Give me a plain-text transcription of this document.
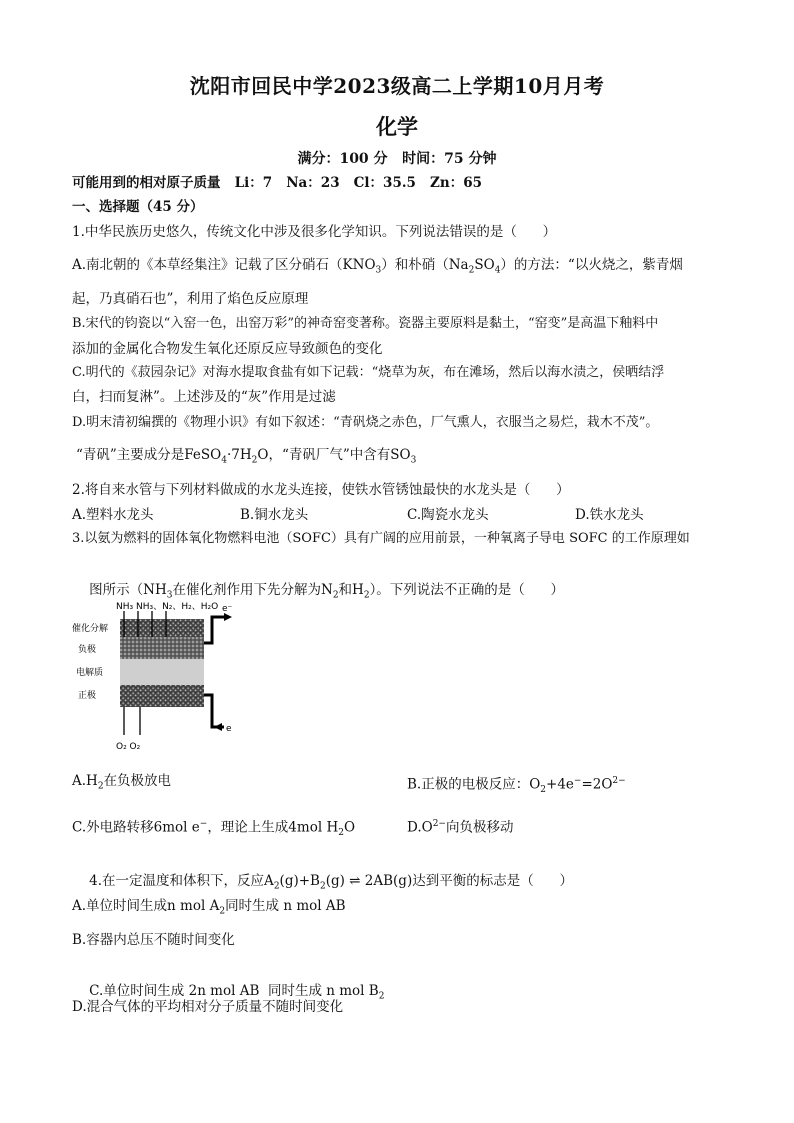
沈阳市回民中学2023级高二上学期10月月考
化学
满分：100 分   时间：75 分钟
可能用到的相对原子质量   Li：7   Na：23   Cl：35.5   Zn：65
一、选择题（45 分）
1.中华民族历史悠久，传统文化中涉及很多化学知识。下列说法错误的是（      ）
A.南北朝的《本草经集注》记载了区分硝石$(KNO_3)$和朴硝$(Na_2SO_4)$的方法：“以火烧之，紫青烟
起，乃真硝石也”，利用了焰色反应原理
B.宋代的钧瓷以“入窑一色，出窑万彩”的神奇窑变著称。瓷器主要原料是黏土，“窑变”是高温下釉料中
添加的金属化合物发生氧化还原反应导致颜色的变化
C.明代的《菽园杂记》对海水提取食盐有如下记载：“烧草为灰，布在滩场，然后以海水渍之，侯晒结浮
白，扫而复淋”。上述涉及的“灰”作用是过滤
D.明末清初编撰的《物理小识》有如下叙述：“青矾烧之赤色，厂气熏人，衣服当之易烂，栽木不茂”。
“青矾”主要成分是$FeSO_4\cdot 7H_2O$，“青矾厂气”中含有$SO_3$
2.将自来水管与下列材料做成的水龙头连接，使铁水管锈蚀最快的水龙头是（      ）
A.塑料水龙头	B.铜水龙头	C.陶瓷水龙头	D.铁水龙头
3.以氨为燃料的固体氧化物燃料电池（SOFC）具有广阔的应用前景，一种氧离子导电 SOFC 的工作原理如

图所示（$NH_3$在催化剂作用下先分解为$N_2$和$H_2$）。下列说法不正确的是（      ）

NH₃ NH₃、N₂、H₂、H₂O
催化分解
负极
电解质
正极
e⁻
e
O₂ O₂
$A.H_2$在负极放电	B.正极的电极反应：$O_2+4e^-=2O^{2-}$
C.外电路转移6mol e−，理论上生成4mol $H_2O$	$D.O^{2-}$向负极移动

4.在一定温度和体积下，反应$A_2(g)+B_2(g)$ ⇌ 2AB(g)达到平衡的标志是（      ）

A.单位时间生成n mol $A_2$同时生成 n mol AB
B.容器内总压不随时间变化

C.单位时间生成 2n mol AB  同时生成 n mol $B_2$

D.混合气体的平均相对分子质量不随时间变化
